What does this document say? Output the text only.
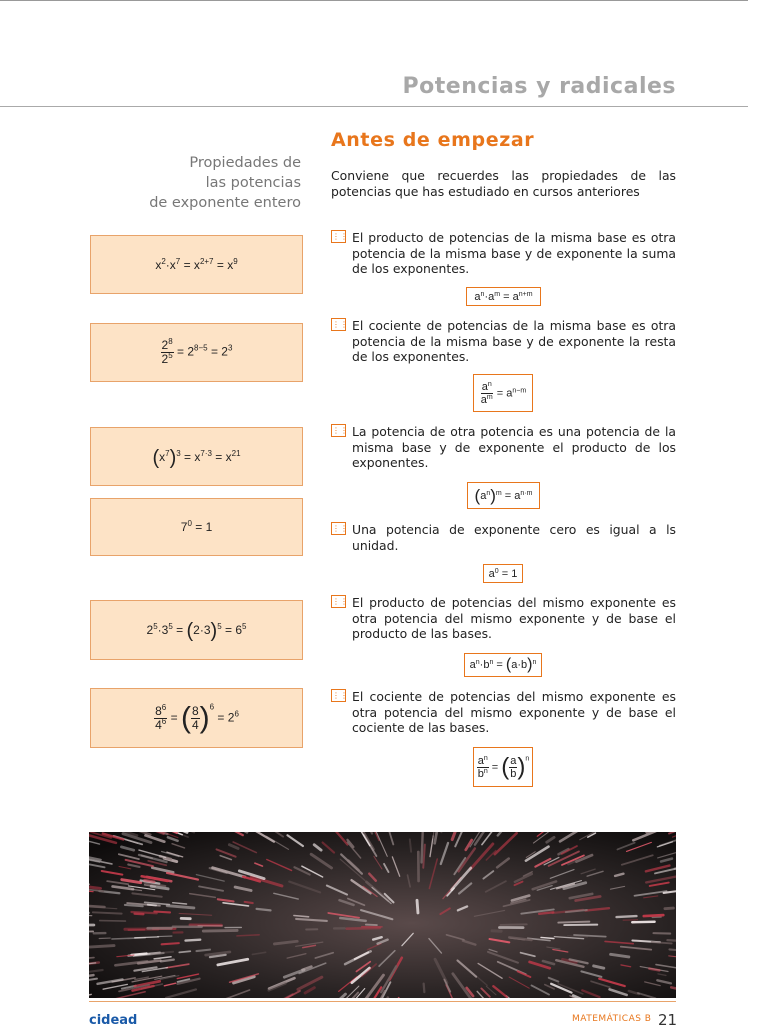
Potencias y radicales
Antes de empezar
Propiedades de
las potencias
de exponente entero
Conviene que recuerdes las propiedades de las potencias que has estudiado en cursos anteriores
$x^2\cdot x^7 = x^{2+7} = x^9$
$\frac{2^8}{2^5} = 2^{8-5} = 2^3$
$(x^7)^3 = x^{7\cdot 3} = x^{21}$
$7^0 = 1$
$2^5\cdot 3^5 = (2\cdot 3)^5 = 6^5$
$\frac{8^6}{4^6}$ = ( $\frac{8}{4} )^6 = 2^6$
⋮⋮ El producto de potencias de la misma base es otra potencia de la misma base y de exponente la suma de los exponentes.
$a^n\cdot a^m = a^{n+m}$
⋮⋮ El cociente de potencias de la misma base es otra potencia de la misma base y de exponente la resta de los exponentes.
$\frac{a^n}{a^m} = a^{n-m}$
⋮⋮ La potencia de otra potencia es una potencia de la misma base y de exponente el producto de los exponentes.
$(a^n)^m = a^{n\cdot m}$
⋮⋮ Una potencia de exponente cero es igual a ls unidad.
$a^0 = 1$
⋮⋮ El producto de potencias del mismo exponente es otra potencia del mismo exponente y de base el producto de las bases.
$a^n\cdot b^n = (a\cdot b)^n$
⋮⋮ El cociente de potencias del mismo exponente es otra potencia del mismo exponente y de base el cociente de las bases.
$\frac{a^n}{b^n}$ = ( $\frac{a}{b} )^n$
cidead	MATEMÁTICAS B 21
